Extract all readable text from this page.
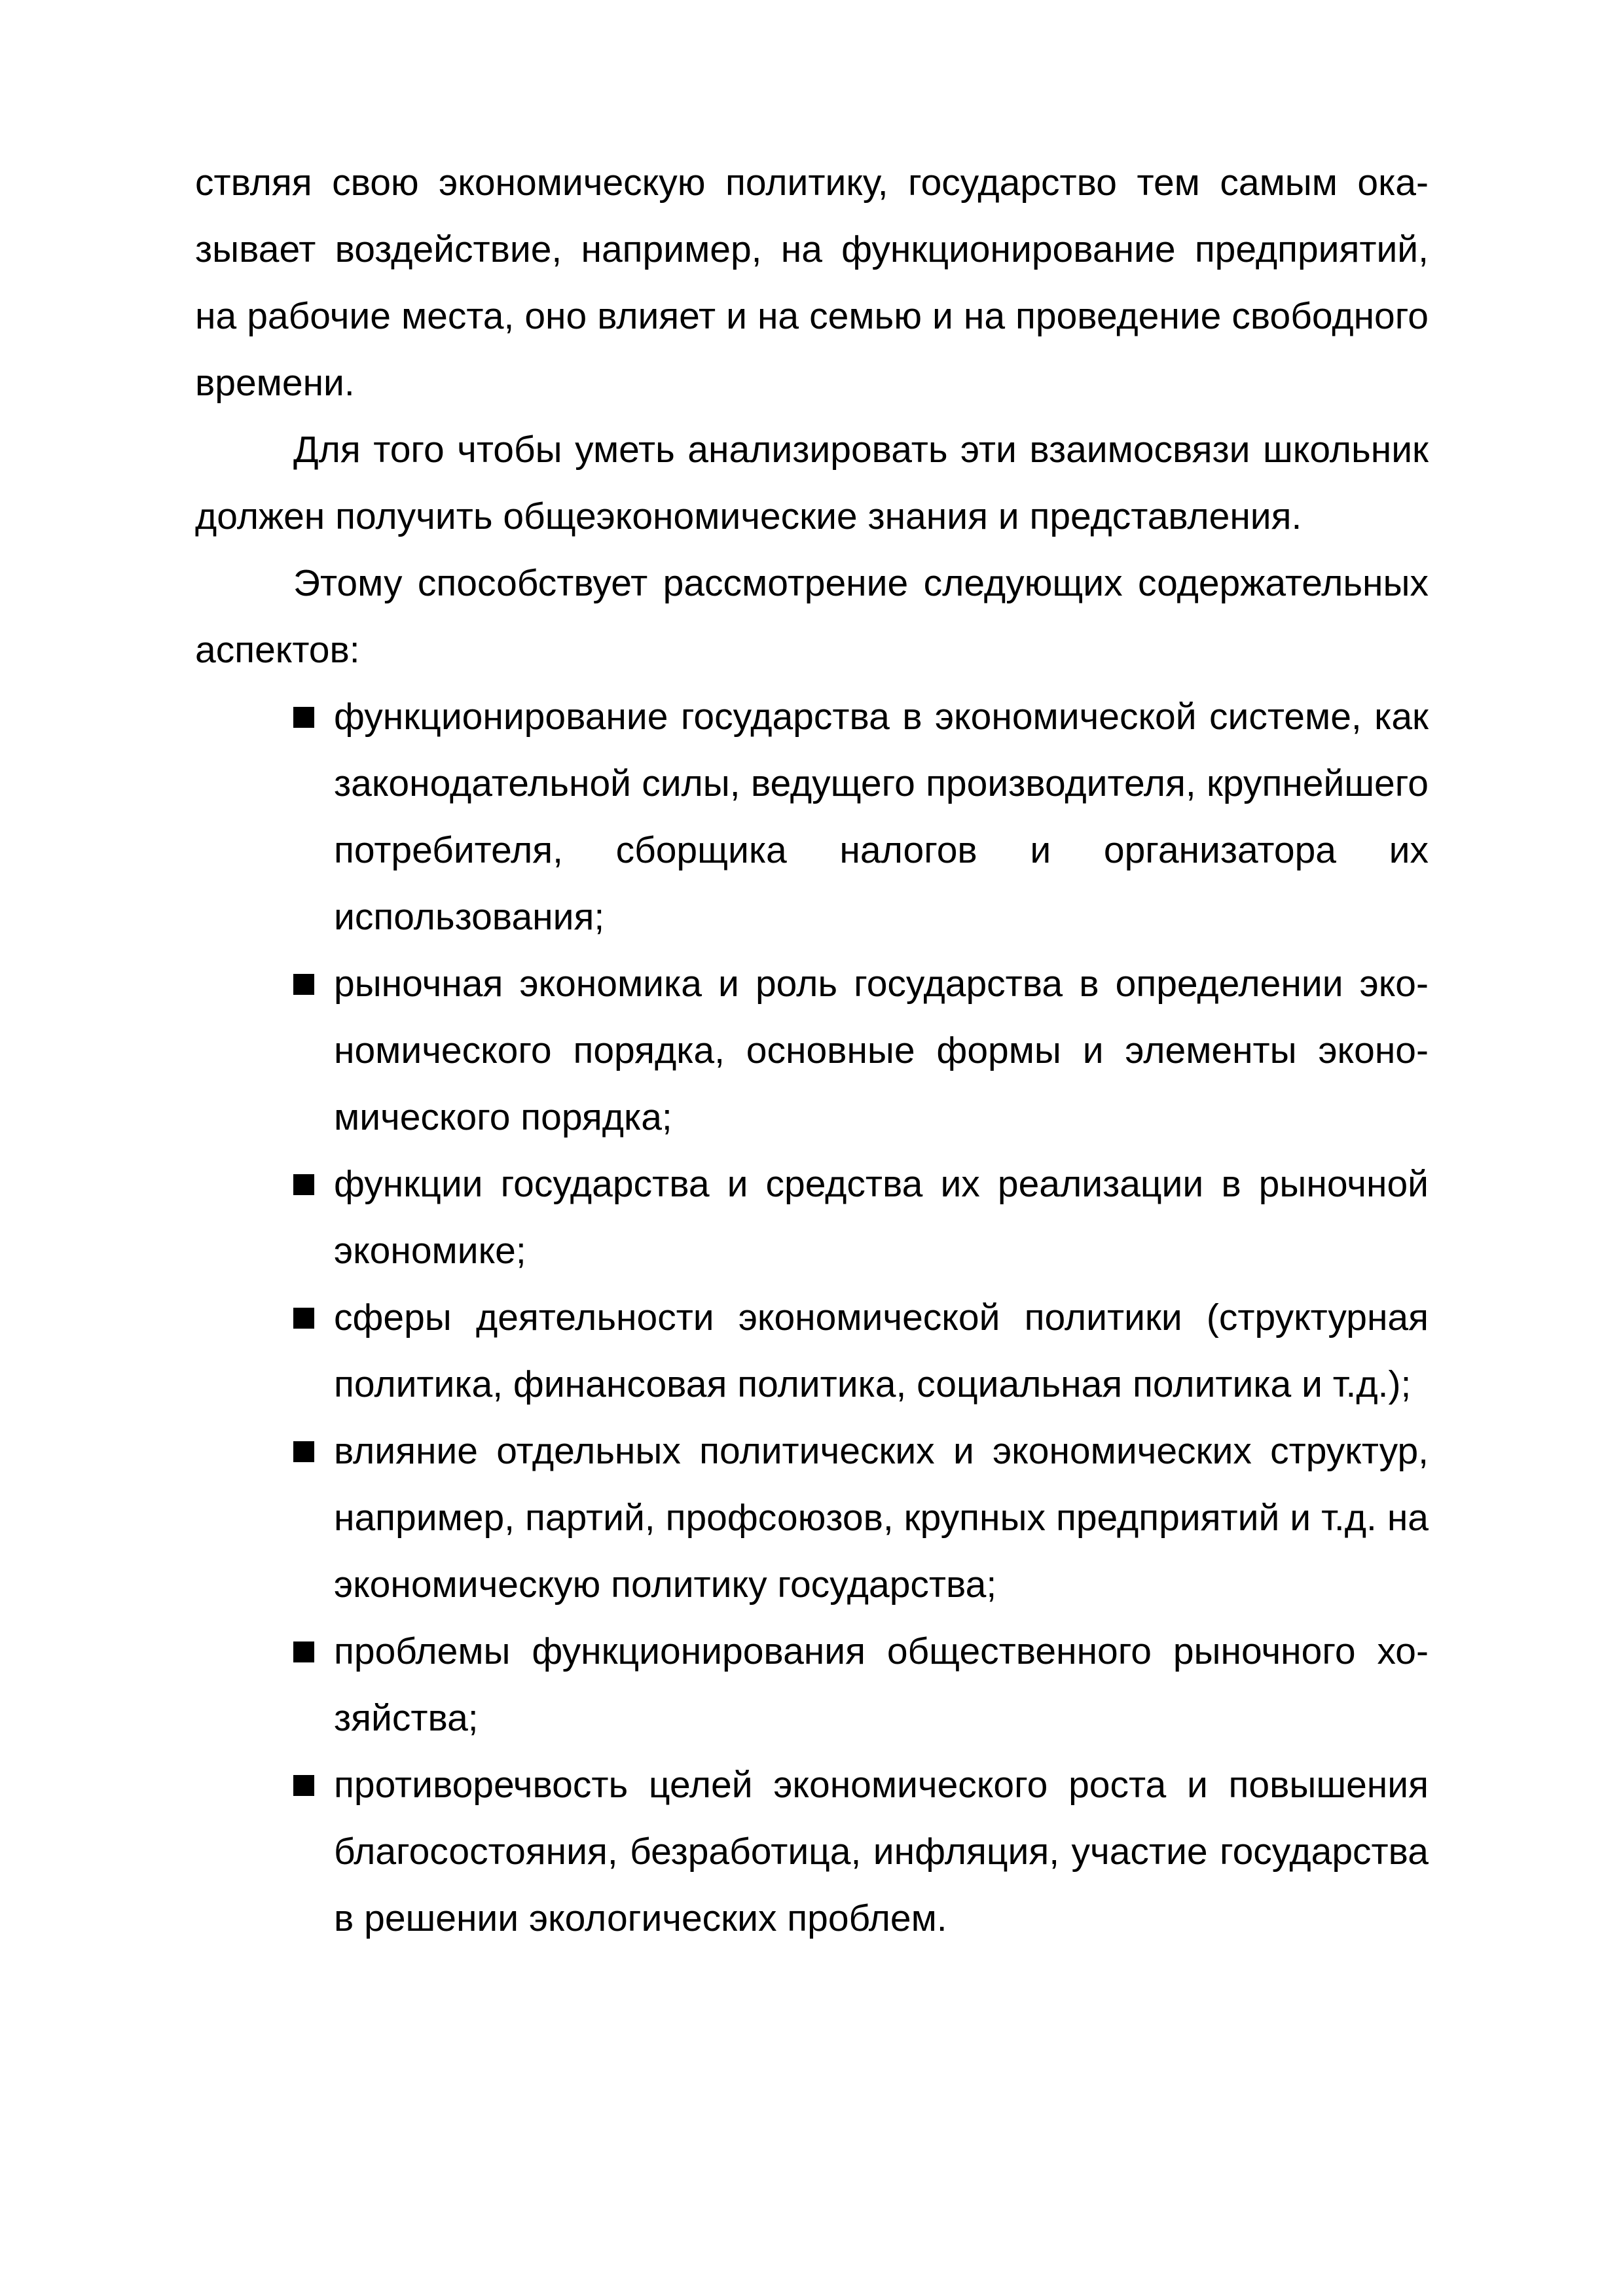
ствляя свою экономическую политику, государство тем самым оказывает воздействие, например, на функционирование предприятий, на рабочие места, оно влияет и на семью и на проведение свободного времени.

Для того чтобы уметь анализировать эти взаимосвязи школьник должен получить общеэкономические знания и представления.

Этому способствует рассмотрение следующих содержательных аспектов:

функционирование государства в экономической системе, как законодательной силы, ведущего производителя, крупнейшего потребителя, сборщика налогов и организатора их использования;
рыночная экономика и роль государства в определении экономического порядка, основные формы и элементы экономического порядка;
функции государства и средства их реализации в рыночной экономике;
сферы деятельности экономической политики (структурная политика, финансовая политика, социальная политика и т.д.);
влияние отдельных политических и экономических структур, например, партий, профсоюзов, крупных предприятий и т.д. на экономическую политику государства;
проблемы функционирования общественного рыночного хозяйства;
противоречвость целей экономического роста и повышения благосостояния, безработица, инфляция, участие государства в решении экологических проблем.
